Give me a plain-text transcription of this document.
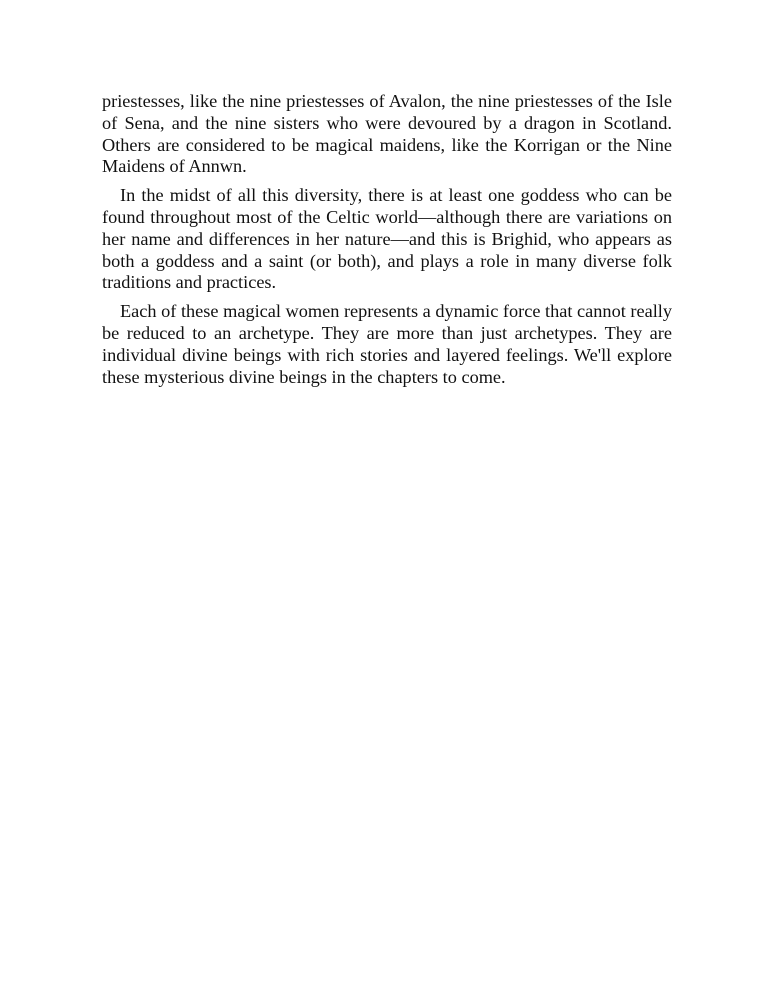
priestesses, like the nine priestesses of Avalon, the nine priestesses of the Isle of Sena, and the nine sisters who were devoured by a dragon in Scotland. Others are considered to be magical maidens, like the Korrigan or the Nine Maidens of Annwn.

In the midst of all this diversity, there is at least one goddess who can be found throughout most of the Celtic world—although there are variations on her name and differences in her nature—and this is Brighid, who appears as both a goddess and a saint (or both), and plays a role in many diverse folk traditions and practices.

Each of these magical women represents a dynamic force that cannot really be reduced to an archetype. They are more than just archetypes. They are individual divine beings with rich stories and layered feelings. We'll explore these mysterious divine beings in the chapters to come.
